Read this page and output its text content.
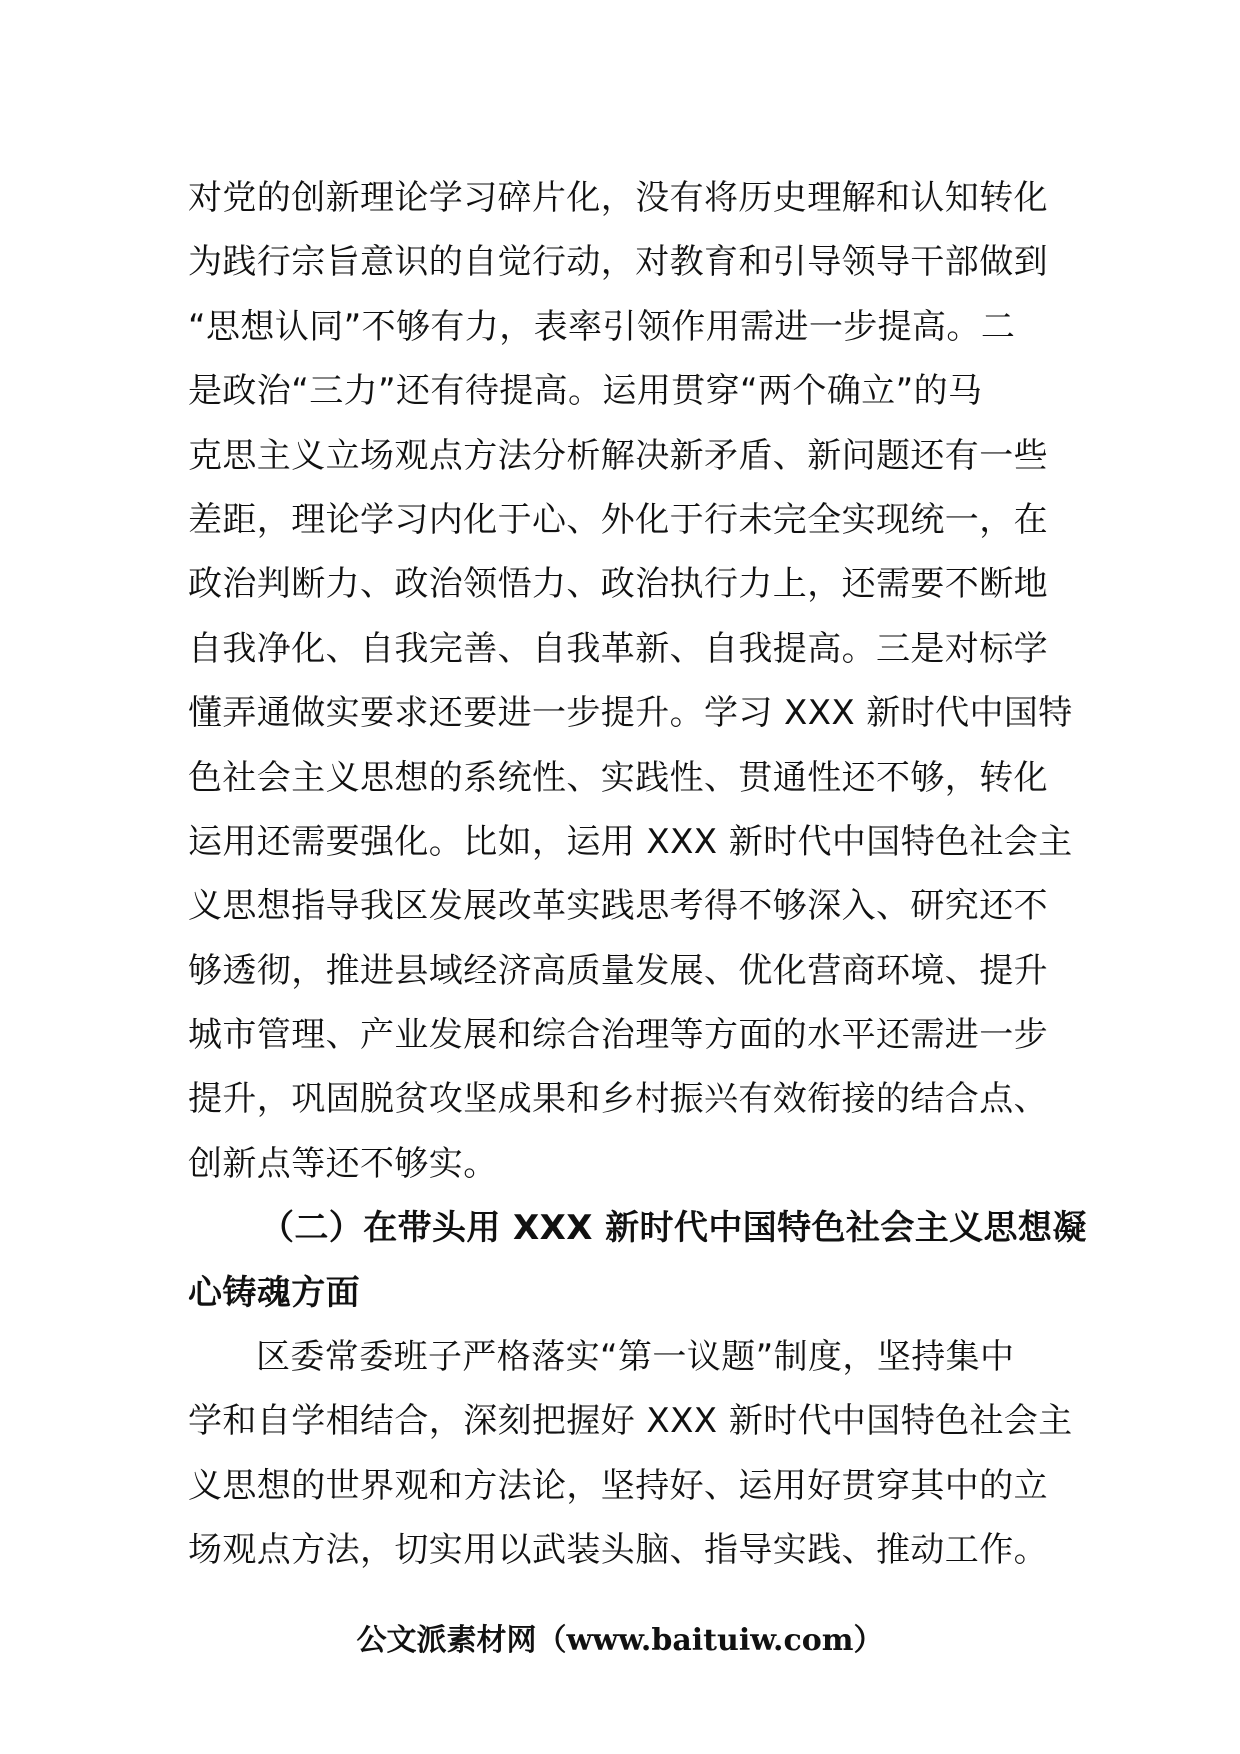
对党的创新理论学习碎片化，没有将历史理解和认知转化
为践行宗旨意识的自觉行动，对教育和引导领导干部做到
“思想认同”不够有力，表率引领作用需进一步提高。二
是政治“三力”还有待提高。运用贯穿“两个确立”的马
克思主义立场观点方法分析解决新矛盾、新问题还有一些
差距，理论学习内化于心、外化于行未完全实现统一，在
政治判断力、政治领悟力、政治执行力上，还需要不断地
自我净化、自我完善、自我革新、自我提高。三是对标学
懂弄通做实要求还要进一步提升。学习 XXX 新时代中国特
色社会主义思想的系统性、实践性、贯通性还不够，转化
运用还需要强化。比如，运用 XXX 新时代中国特色社会主
义思想指导我区发展改革实践思考得不够深入、研究还不
够透彻，推进县域经济高质量发展、优化营商环境、提升
城市管理、产业发展和综合治理等方面的水平还需进一步
提升，巩固脱贫攻坚成果和乡村振兴有效衔接的结合点、
创新点等还不够实。
（二）在带头用 XXX 新时代中国特色社会主义思想凝
心铸魂方面
区委常委班子严格落实“第一议题”制度，坚持集中
学和自学相结合，深刻把握好 XXX 新时代中国特色社会主
义思想的世界观和方法论，坚持好、运用好贯穿其中的立
场观点方法，切实用以武装头脑、指导实践、推动工作。
公文派素材网（www.baituiw.com）
